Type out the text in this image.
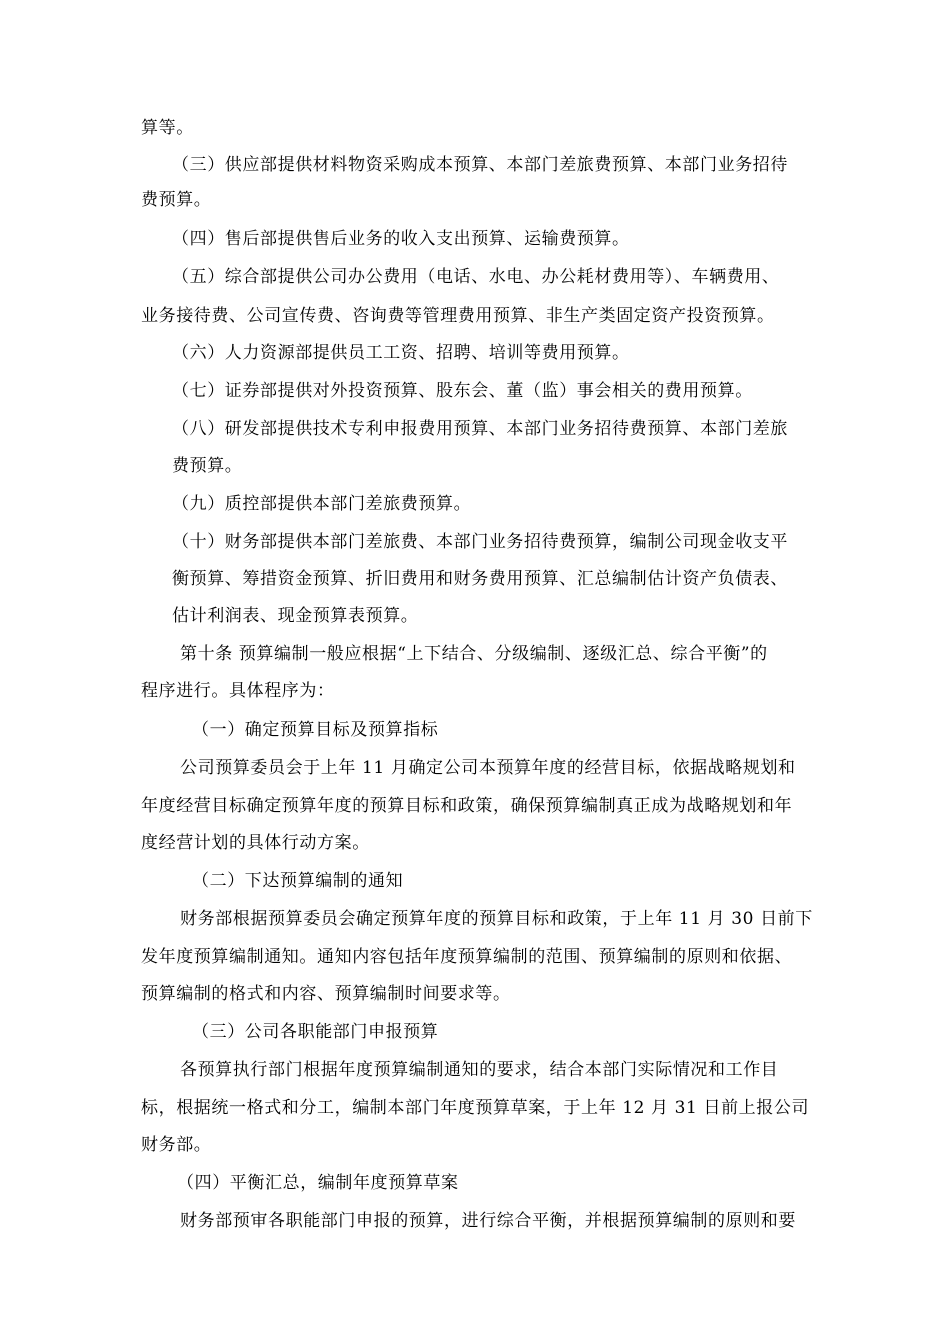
算等。
（三）供应部提供材料物资采购成本预算、本部门差旅费预算、本部门业务招待
费预算。
（四）售后部提供售后业务的收入支出预算、运输费预算。
（五）综合部提供公司办公费用（电话、水电、办公耗材费用等）、车辆费用、
业务接待费、公司宣传费、咨询费等管理费用预算、非生产类固定资产投资预算。
（六）人力资源部提供员工工资、招聘、培训等费用预算。
（七）证券部提供对外投资预算、股东会、董（监）事会相关的费用预算。
（八）研发部提供技术专利申报费用预算、本部门业务招待费预算、本部门差旅
费预算。
（九）质控部提供本部门差旅费预算。
（十）财务部提供本部门差旅费、本部门业务招待费预算，编制公司现金收支平
衡预算、筹措资金预算、折旧费用和财务费用预算、汇总编制估计资产负债表、
估计利润表、现金预算表预算。
第十条 预算编制一般应根据“上下结合、分级编制、逐级汇总、综合平衡”的
程序进行。具体程序为：
（一）确定预算目标及预算指标
公司预算委员会于上年 11 月确定公司本预算年度的经营目标，依据战略规划和
年度经营目标确定预算年度的预算目标和政策，确保预算编制真正成为战略规划和年
度经营计划的具体行动方案。
（二）下达预算编制的通知
财务部根据预算委员会确定预算年度的预算目标和政策，于上年 11 月 30 日前下
发年度预算编制通知。通知内容包括年度预算编制的范围、预算编制的原则和依据、
预算编制的格式和内容、预算编制时间要求等。
（三）公司各职能部门申报预算
各预算执行部门根据年度预算编制通知的要求，结合本部门实际情况和工作目
标，根据统一格式和分工，编制本部门年度预算草案，于上年 12 月 31 日前上报公司
财务部。
（四）平衡汇总，编制年度预算草案
财务部预审各职能部门申报的预算，进行综合平衡，并根据预算编制的原则和要
